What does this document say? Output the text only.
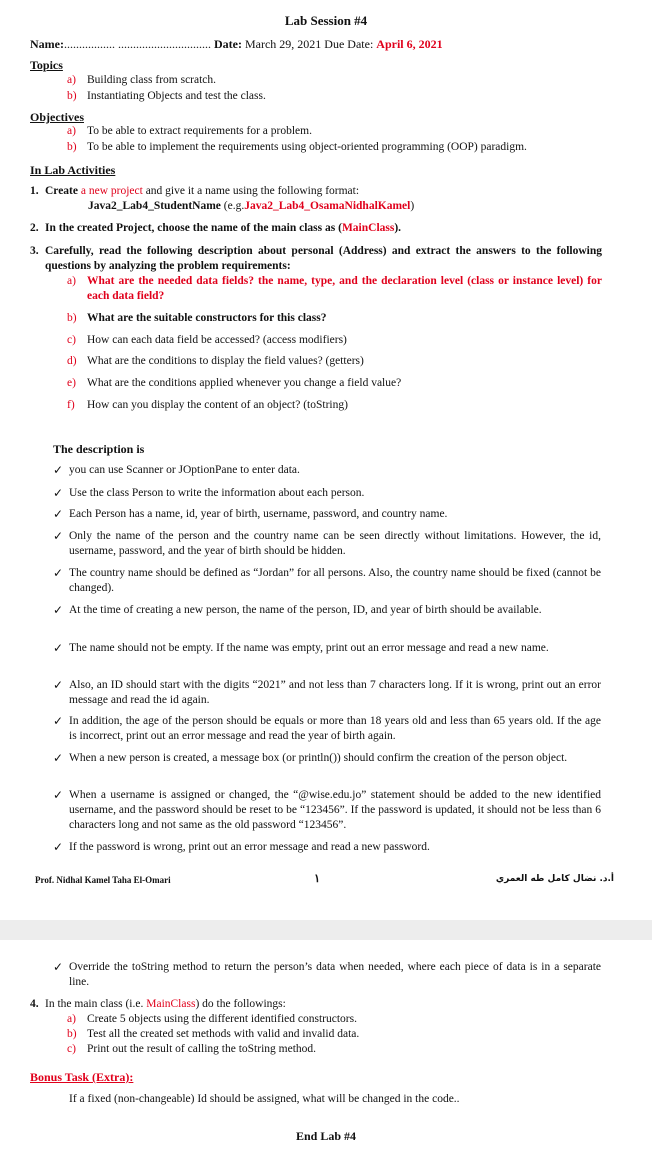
Lab Session #4
Name:................. ............................... Date: March 29, 2021 Due Date: April 6, 2021
Topics
a) Building class from scratch.
b) Instantiating Objects and test the class.
Objectives
a) To be able to extract requirements for a problem.
b) To be able to implement the requirements using object-oriented programming (OOP) paradigm.
In Lab Activities
1. Create a new project and give it a name using the following format:
Java2_Lab4_StudentName (e.g.Java2_Lab4_OsamaNidhalKamel)
2. In the created Project, choose the name of the main class as (MainClass).
3. Carefully, read the following description about personal (Address) and extract the answers to the following questions by analyzing the problem requirements:
a) What are the needed data fields? the name, type, and the declaration level (class or instance level) for each data field?
b) What are the suitable constructors for this class?
c) How can each data field be accessed? (access modifiers)
d) What are the conditions to display the field values? (getters)
e) What are the conditions applied whenever you change a field value?
f) How can you display the content of an object? (toString)
The description is
✓ you can use Scanner or JOptionPane to enter data.
✓ Use the class Person to write the information about each person.
✓ Each Person has a name, id, year of birth, username, password, and country name.
✓ Only the name of the person and the country name can be seen directly without limitations. However, the id, username, password, and the year of birth should be hidden.
✓ The country name should be defined as “Jordan” for all persons. Also, the country name should be fixed (cannot be changed).
✓ At the time of creating a new person, the name of the person, ID, and year of birth should be available.
✓ The name should not be empty. If the name was empty, print out an error message and read a new name.
✓ Also, an ID should start with the digits “2021” and not less than 7 characters long. If it is wrong, print out an error message and read the id again.
✓ In addition, the age of the person should be equals or more than 18 years old and less than 65 years old. If the age is incorrect, print out an error message and read the year of birth again.
✓ When a new person is created, a message box (or println()) should confirm the creation of the person object.
✓ When a username is assigned or changed, the “@wise.edu.jo” statement should be added to the new identified username, and the password should be reset to be “123456”. If the password is updated, it should not be less than 6 characters long and not same as the old password “123456”.
✓ If the password is wrong, print out an error message and read a new password.
Prof. Nidhal Kamel Taha El-Omari	١	أ.د. نضال كامل طه العمري
✓ Override the toString method to return the person’s data when needed, where each piece of data is in a separate line.
4. In the main class (i.e. MainClass) do the followings:
a) Create 5 objects using the different identified constructors.
b) Test all the created set methods with valid and invalid data.
c) Print out the result of calling the toString method.
Bonus Task (Extra):
If a fixed (non-changeable) Id should be assigned, what will be changed in the code..
End Lab #4
